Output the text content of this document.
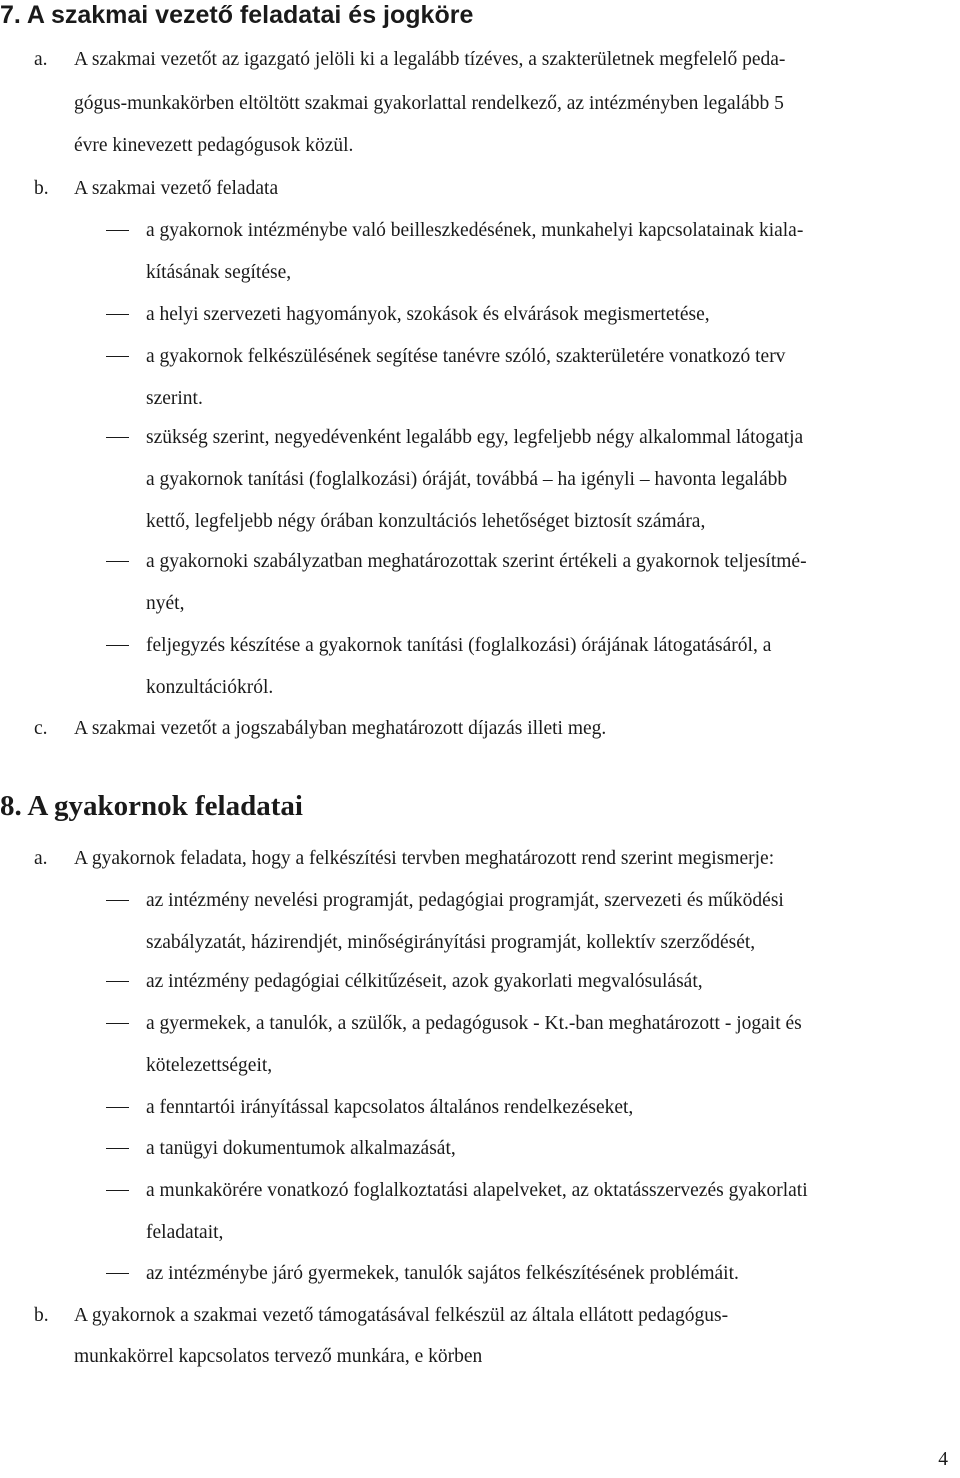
7. A szakmai vezető feladatai és jogköre
a. A szakmai vezetőt az igazgató jelöli ki a legalább tízéves, a szakterületnek megfelelő peda-
gógus-munkakörben eltöltött szakmai gyakorlattal rendelkező, az intézményben legalább 5
évre kinevezett pedagógusok közül.
b. A szakmai vezető feladata
a gyakornok intézménybe való beilleszkedésének, munkahelyi kapcsolatainak kiala-
kításának segítése,
a helyi szervezeti hagyományok, szokások és elvárások megismertetése,
a gyakornok felkészülésének segítése tanévre szóló, szakterületére vonatkozó terv
szerint.
szükség szerint, negyedévenként legalább egy, legfeljebb négy alkalommal látogatja
a gyakornok tanítási (foglalkozási) óráját, továbbá – ha igényli – havonta legalább
kettő, legfeljebb négy órában konzultációs lehetőséget biztosít számára,
a gyakornoki szabályzatban meghatározottak szerint értékeli a gyakornok teljesítmé-
nyét,
feljegyzés készítése a gyakornok tanítási (foglalkozási) órájának látogatásáról, a
konzultációkról.
c. A szakmai vezetőt a jogszabályban meghatározott díjazás illeti meg.
8. A gyakornok feladatai
a. A gyakornok feladata, hogy a felkészítési tervben meghatározott rend szerint megismerje:
az intézmény nevelési programját, pedagógiai programját, szervezeti és működési
szabályzatát, házirendjét, minőségirányítási programját, kollektív szerződését,
az intézmény pedagógiai célkitűzéseit, azok gyakorlati megvalósulását,
a gyermekek, a tanulók, a szülők, a pedagógusok - Kt.-ban meghatározott - jogait és
kötelezettségeit,
a fenntartói irányítással kapcsolatos általános rendelkezéseket,
a tanügyi dokumentumok alkalmazását,
a munkakörére vonatkozó foglalkoztatási alapelveket, az oktatásszervezés gyakorlati
feladatait,
az intézménybe járó gyermekek, tanulók sajátos felkészítésének problémáit.
b. A gyakornok a szakmai vezető támogatásával felkészül az általa ellátott pedagógus-
munkakörrel kapcsolatos tervező munkára, e körben
4
